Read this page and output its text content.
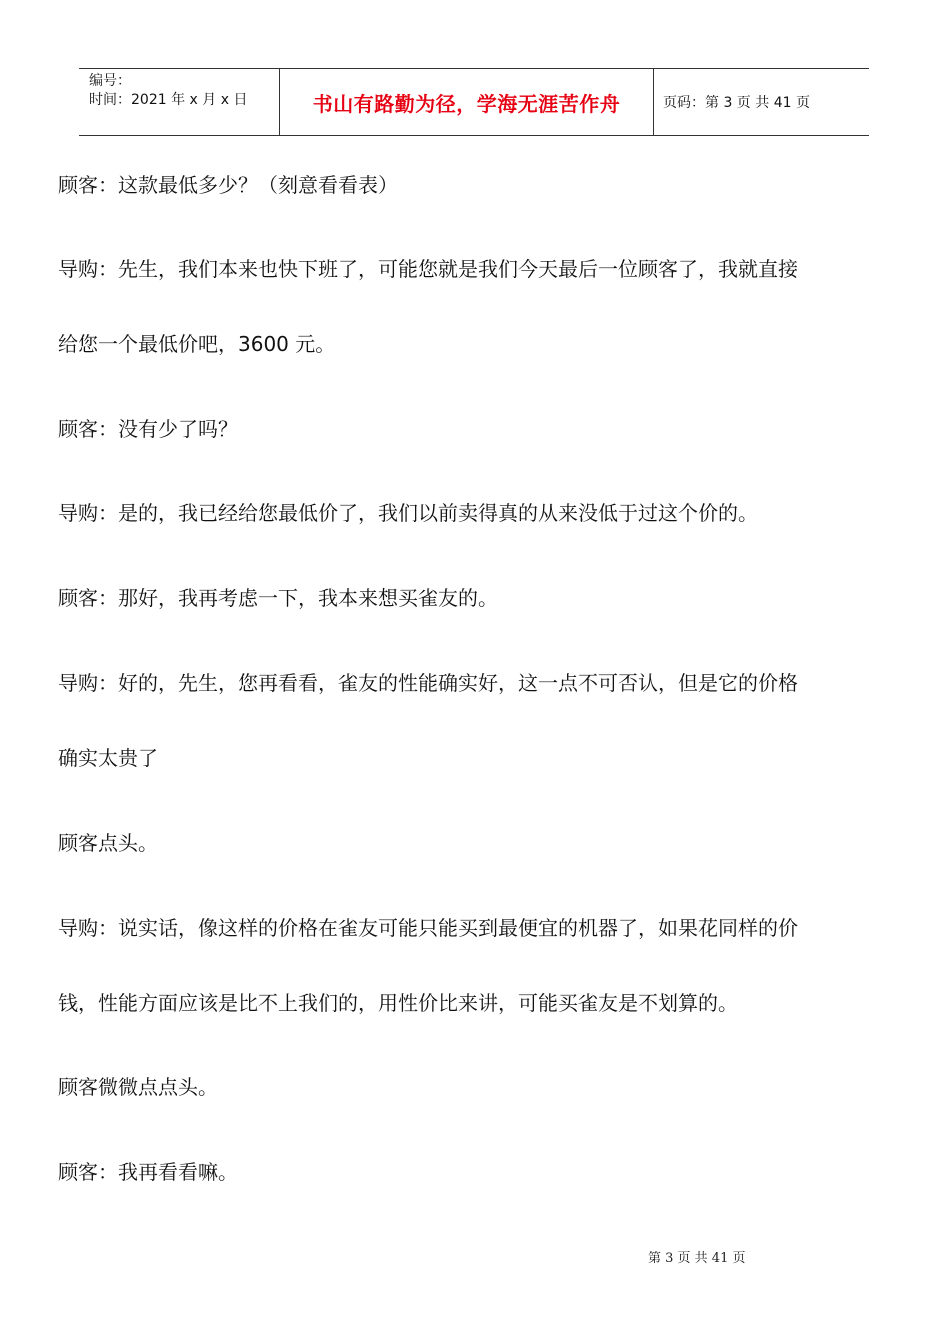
编号：
时间：2021 年 x 月 x 日	书山有路勤为径，学海无涯苦作舟	页码：第 3 页 共 41 页
顾客：这款最低多少？（刻意看看表）
导购：先生，我们本来也快下班了，可能您就是我们今天最后一位顾客了，我就直接
给您一个最低价吧，3600 元。
顾客：没有少了吗？
导购：是的，我已经给您最低价了，我们以前卖得真的从来没低于过这个价的。
顾客：那好，我再考虑一下，我本来想买雀友的。
导购：好的，先生，您再看看，雀友的性能确实好，这一点不可否认，但是它的价格
确实太贵了
顾客点头。
导购：说实话，像这样的价格在雀友可能只能买到最便宜的机器了，如果花同样的价
钱，性能方面应该是比不上我们的，用性价比来讲，可能买雀友是不划算的。
顾客微微点点头。
顾客：我再看看嘛。
第 3 页 共 41 页
